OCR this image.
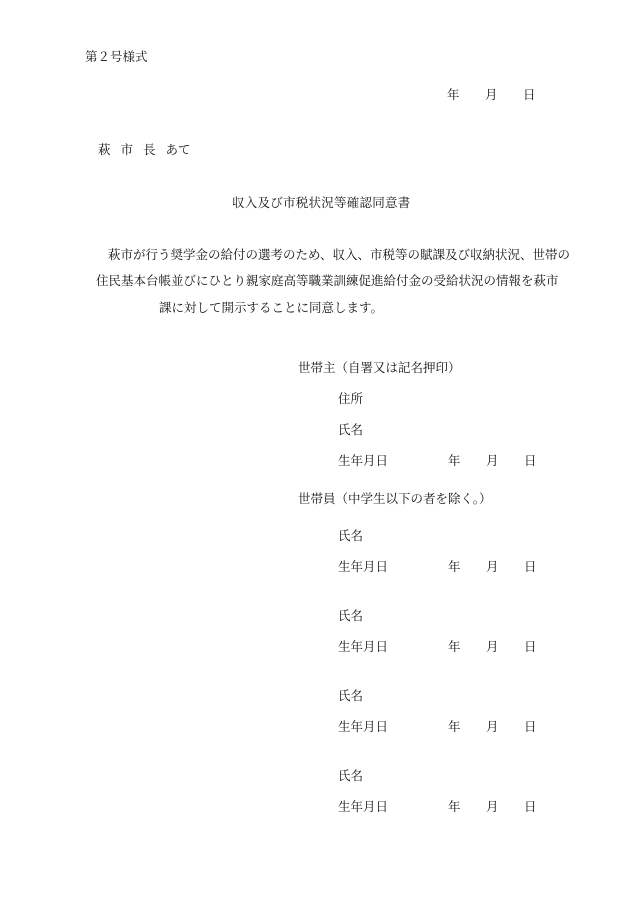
第２号様式
年 月 日
萩 市 長 あて
収入及び市税状況等確認同意書
萩市が行う奨学金の給付の選考のため、収入、市税等の賦課及び収納状況、世帯の
住民基本台帳並びにひとり親家庭高等職業訓練促進給付金の受給状況の情報を萩市
課に対して開示することに同意します。
世帯主（自署又は記名押印）
住所
氏名
生年月日	年 月 日
世帯員（中学生以下の者を除く。）
氏名
生年月日	年 月 日
氏名
生年月日	年 月 日
氏名
生年月日	年 月 日
氏名
生年月日	年 月 日
